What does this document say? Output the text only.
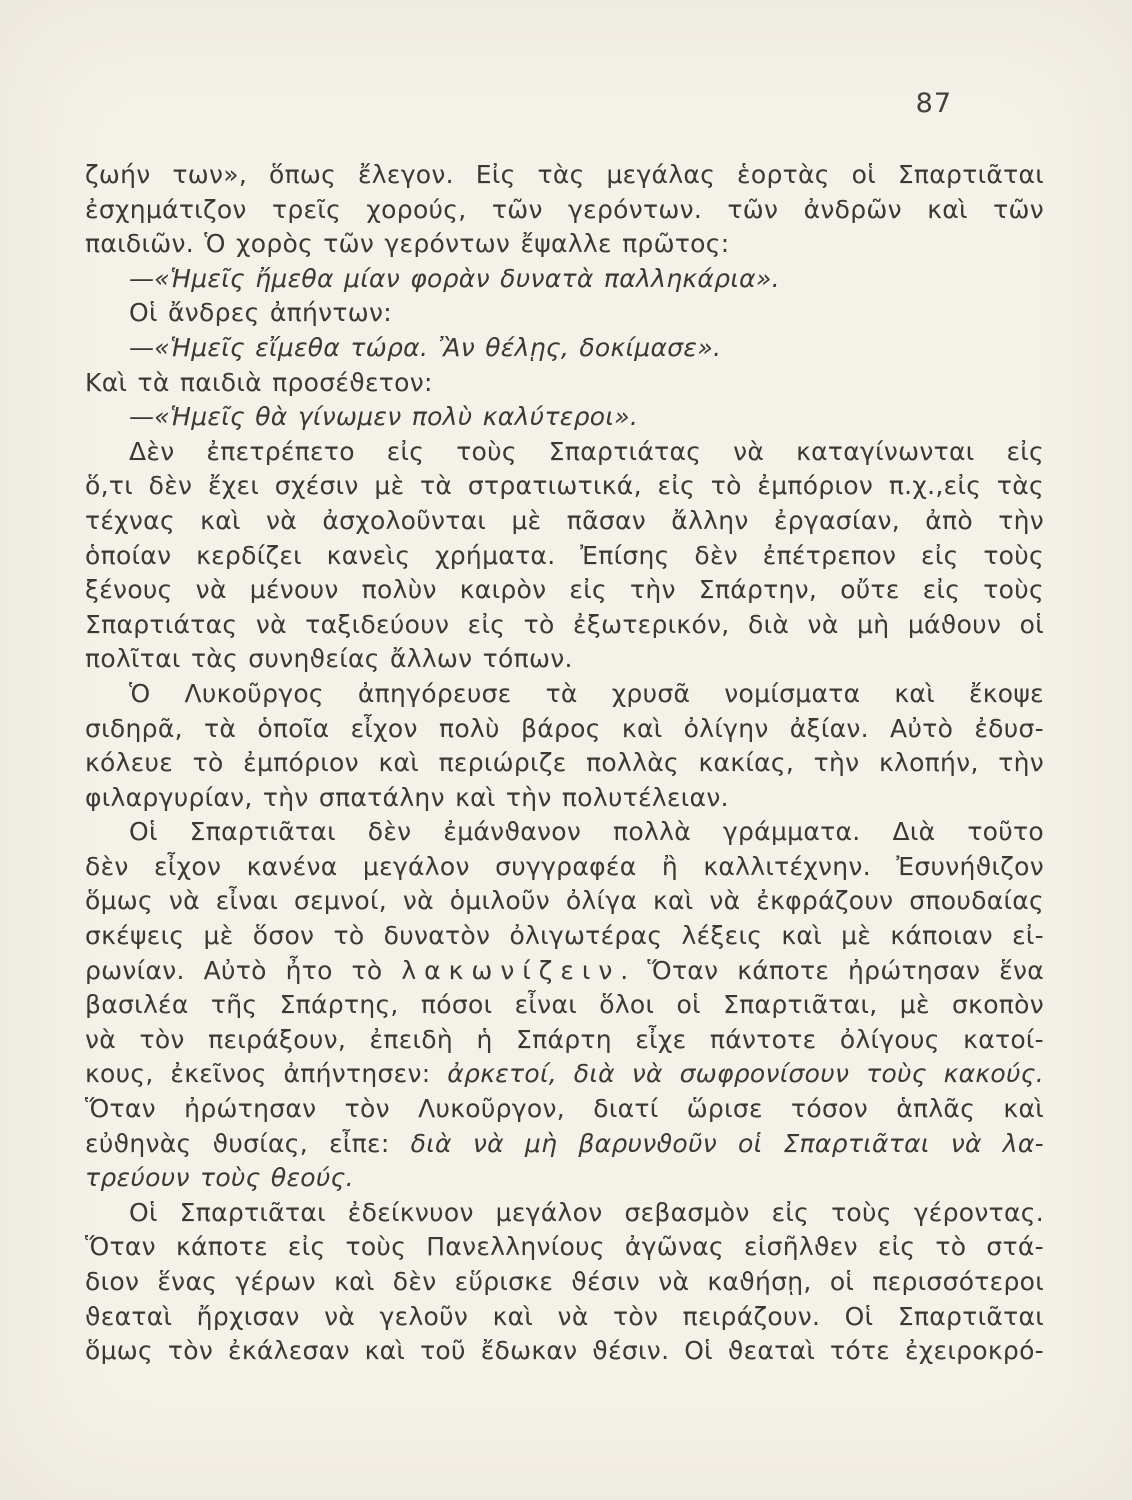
87
ζωήν των», ὅπως ἔλεγον. Εἰς τὰς μεγάλας ἑορτὰς οἱ Σπαρτιᾶται
ἐσχημάτιζον τρεῖς χορούς, τῶν γερόντων. τῶν ἀνδρῶν καὶ τῶν
παιδιῶν. Ὁ χορὸς τῶν γερόντων ἔψαλλε πρῶτος:
—«Ἡμεῖς ἤμεθα μίαν φορὰν δυνατὰ παλληκάρια».
Οἱ ἄνδρες ἀπήντων:
—«Ἡμεῖς εἴμεθα τώρα. Ἂν θέλῃς, δοκίμασε».
Καὶ τὰ παιδιὰ προσέϑετον:
—«Ἡμεῖς θὰ γίνωμεν πολὺ καλύτεροι».
Δὲν ἐπετρέπετο εἰς τοὺς Σπαρτιάτας νὰ καταγίνωνται εἰς
ὅ,τι δὲν ἔχει σχέσιν μὲ τὰ στρατιωτικά, εἰς τὸ ἐμπόριον π.χ.,εἰς τὰς
τέχνας καὶ νὰ ἀσχολοῦνται μὲ πᾶσαν ἄλλην ἐργασίαν, ἀπὸ τὴν
ὁποίαν κερδίζει κανεὶς χρήματα. Ἐπίσης δὲν ἐπέτρεπον εἰς τοὺς
ξένους νὰ μένουν πολὺν καιρὸν εἰς τὴν Σπάρτην, οὔτε εἰς τοὺς
Σπαρτιάτας νὰ ταξιδεύουν εἰς τὸ ἐξωτερικόν, διὰ νὰ μὴ μάϑουν οἱ
πολῖται τὰς συνηϑείας ἄλλων τόπων.
Ὁ Λυκοῦργος ἀπηγόρευσε τὰ χρυσᾶ νομίσματα καὶ ἔκοψε
σιδηρᾶ, τὰ ὁποῖα εἶχον πολὺ βάρος καὶ ὀλίγην ἀξίαν. Αὐτὸ ἐδυσ-
κόλευε τὸ ἐμπόριον καὶ περιώριζε πολλὰς κακίας, τὴν κλοπήν, τὴν
φιλαργυρίαν, τὴν σπατάλην καὶ τὴν πολυτέλειαν.
Οἱ Σπαρτιᾶται δὲν ἐμάνϑανον πολλὰ γράμματα. Διὰ τοῦτο
δὲν εἶχον κανένα μεγάλον συγγραφέα ἢ καλλιτέχνην. Ἐσυνήϑιζον
ὅμως νὰ εἶναι σεμνοί, νὰ ὁμιλοῦν ὀλίγα καὶ νὰ ἐκφράζουν σπουδαίας
σκέψεις μὲ ὅσον τὸ δυνατὸν ὀλιγωτέρας λέξεις καὶ μὲ κάποιαν εἰ-
ρωνίαν. Αὐτὸ ἦτο τὸ λακωνίζειν. Ὅταν κάποτε ἠρώτησαν ἕνα
βασιλέα τῆς Σπάρτης, πόσοι εἶναι ὅλοι οἱ Σπαρτιᾶται, μὲ σκοπὸν
νὰ τὸν πειράξουν, ἐπειδὴ ἡ Σπάρτη εἶχε πάντοτε ὀλίγους κατοί-
κους, ἐκεῖνος ἀπήντησεν: ἀρκετοί, διὰ νὰ σωφρονίσουν τοὺς κακούς.
Ὅταν ἠρώτησαν τὸν Λυκοῦργον, διατί ὥρισε τόσον ἁπλᾶς καὶ
εὐϑηνὰς ϑυσίας, εἶπε: διὰ νὰ μὴ βαρυνϑοῦν οἱ Σπαρτιᾶται νὰ λα-
τρεύουν τοὺς θεούς.
Οἱ Σπαρτιᾶται ἐδείκνυον μεγάλον σεβασμὸν εἰς τοὺς γέροντας.
Ὅταν κάποτε εἰς τοὺς Πανελληνίους ἀγῶνας εἰσῆλϑεν εἰς τὸ στά-
διον ἕνας γέρων καὶ δὲν εὕρισκε ϑέσιν νὰ καϑήσῃ, οἱ περισσότεροι
ϑεαταὶ ἤρχισαν νὰ γελοῦν καὶ νὰ τὸν πειράζουν. Οἱ Σπαρτιᾶται
ὅμως τὸν ἐκάλεσαν καὶ τοῦ ἔδωκαν ϑέσιν. Οἱ ϑεαταὶ τότε ἐχειροκρό-
